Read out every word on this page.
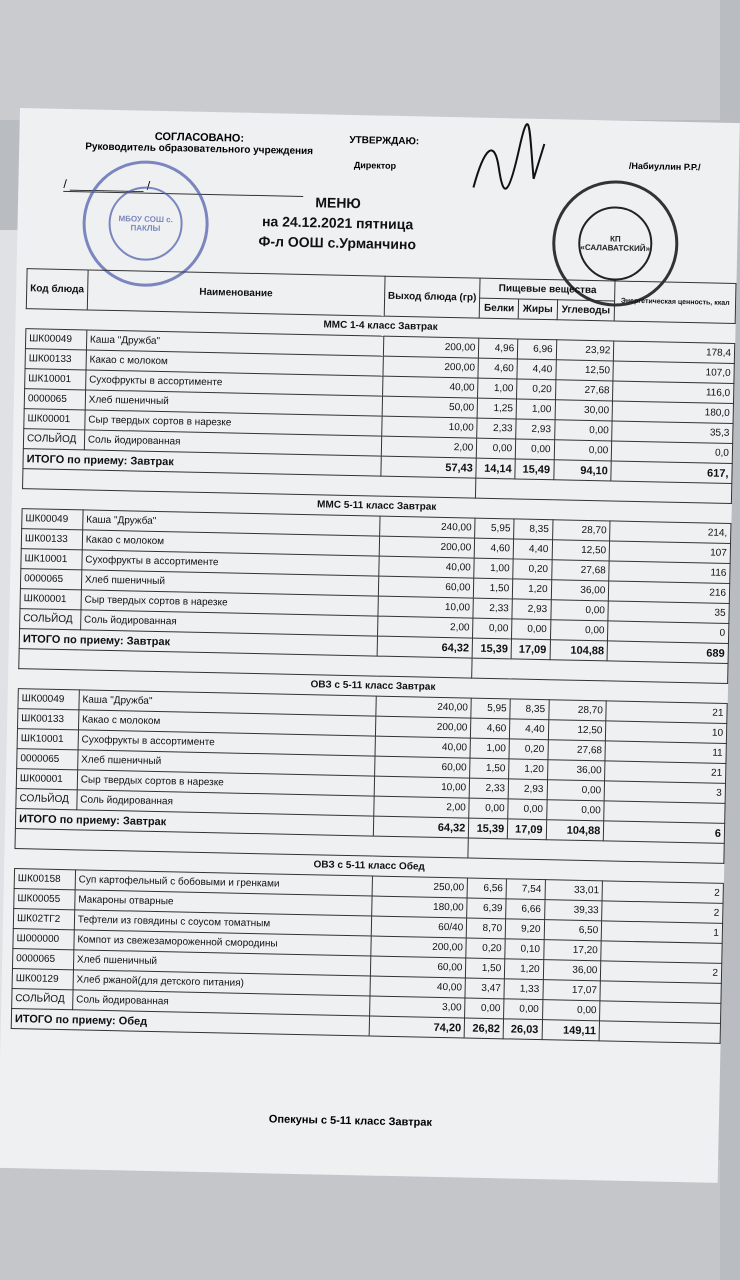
СОГЛАСОВАНО:
Руководитель образовательного учреждения
/ ___________ /
МБОУ СОШ с. ПАКЛЫ
УТВЕРЖДАЮ:
Директор	/Набиуллин Р.Р./
КП «САЛАВАТСКИЙ»
МЕНЮ
на 24.12.2021 пятница
Ф-л ООШ с.Урманчино
Код блюда	Наименование	Выход блюда (гр)	Пищевые вещества			Энергетическая ценность, ккал
			Белки	Жиры	Углеводы	
ММС 1-4 класс Завтрак						
ШК00049	Каша "Дружба"	200,00	4,96	6,96	23,92	178,4
ШК00133	Какао с молоком	200,00	4,60	4,40	12,50	107,0
ШК10001	Сухофрукты в ассортименте	40,00	1,00	0,20	27,68	116,0
0000065	Хлеб пшеничный	50,00	1,25	1,00	30,00	180,0
ШК00001	Сыр твердых сортов в нарезке	10,00	2,33	2,93	0,00	35,3
СОЛЬЙОД	Соль йодированная	2,00	0,00	0,00	0,00	0,0
ИТОГО по приему: Завтрак		57,43	14,14	15,49	94,10	617,

ММС 5-11 класс Завтрак						
ШК00049	Каша "Дружба"	240,00	5,95	8,35	28,70	214,
ШК00133	Какао с молоком	200,00	4,60	4,40	12,50	107
ШК10001	Сухофрукты в ассортименте	40,00	1,00	0,20	27,68	116
0000065	Хлеб пшеничный	60,00	1,50	1,20	36,00	216
ШК00001	Сыр твердых сортов в нарезке	10,00	2,33	2,93	0,00	35
СОЛЬЙОД	Соль йодированная	2,00	0,00	0,00	0,00	0
ИТОГО по приему: Завтрак		64,32	15,39	17,09	104,88	689

ОВЗ с 5-11 класс Завтрак						
ШК00049	Каша "Дружба"	240,00	5,95	8,35	28,70	21
ШК00133	Какао с молоком	200,00	4,60	4,40	12,50	10
ШК10001	Сухофрукты в ассортименте	40,00	1,00	0,20	27,68	11
0000065	Хлеб пшеничный	60,00	1,50	1,20	36,00	21
ШК00001	Сыр твердых сортов в нарезке	10,00	2,33	2,93	0,00	3
СОЛЬЙОД	Соль йодированная	2,00	0,00	0,00	0,00	
ИТОГО по приему: Завтрак		64,32	15,39	17,09	104,88	6

ОВЗ с 5-11 класс Обед						
ШК00158	Суп картофельный с бобовыми и гренками	250,00	6,56	7,54	33,01	2
ШК00055	Макароны отварные	180,00	6,39	6,66	39,33	2
ШК02ТГ2	Тефтели из говядины с соусом томатным	60/40	8,70	9,20	6,50	1
Ш000000	Компот из свежезамороженной смородины	200,00	0,20	0,10	17,20	
0000065	Хлеб пшеничный	60,00	1,50	1,20	36,00	2
ШК00129	Хлеб ржаной(для детского питания)	40,00	3,47	1,33	17,07	
СОЛЬЙОД	Соль йодированная	3,00	0,00	0,00	0,00	
ИТОГО по приему: Обед		74,20	26,82	26,03	149,11	
Опекуны с 5-11 класс Завтрак
